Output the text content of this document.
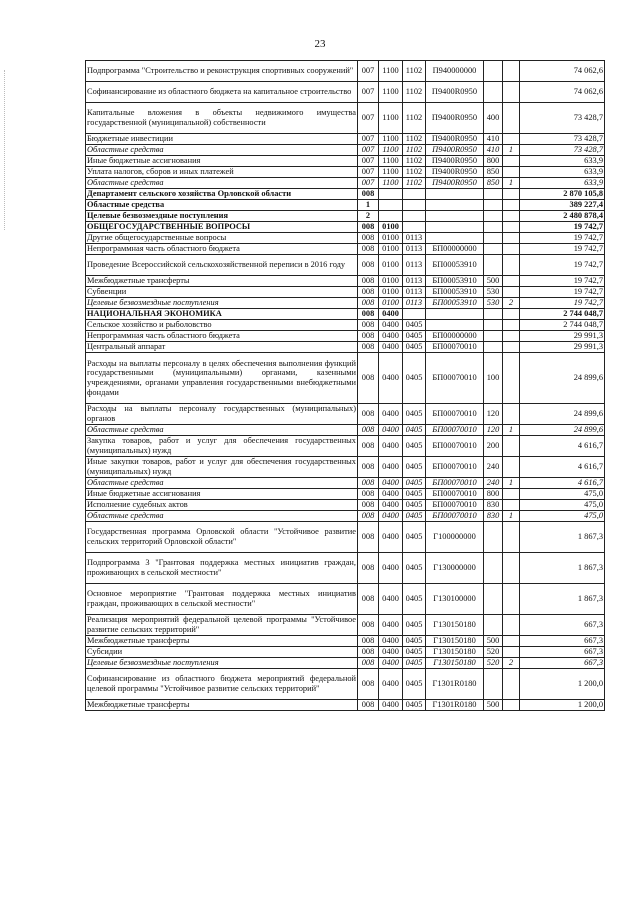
23
Подпрограмма "Строительство и реконструкция спортивных сооружений"	007	1100	1102	П940000000			74 062,6
Софинансирование из областного бюджета на капитальное строительство	007	1100	1102	П9400R0950			74 062,6
Капитальные вложения в объекты недвижимого имущества государственной (муниципальной) собственности	007	1100	1102	П9400R0950	400		73 428,7
Бюджетные инвестиции	007	1100	1102	П9400R0950	410		73 428,7
Областные средства	007	1100	1102	П9400R0950	410	1	73 428,7
Иные бюджетные ассигнования	007	1100	1102	П9400R0950	800		633,9
Уплата налогов, сборов и иных платежей	007	1100	1102	П9400R0950	850		633,9
Областные средства	007	1100	1102	П9400R0950	850	1	633,9
Департамент сельского хозяйства Орловской области	008						2 870 105,8
Областные средства	1						389 227,4
Целевые безвозмездные поступления	2						2 480 878,4
ОБЩЕГОСУДАРСТВЕННЫЕ ВОПРОСЫ	008	0100					19 742,7
Другие общегосударственные вопросы	008	0100	0113				19 742,7
Непрограммная часть областного бюджета	008	0100	0113	БП00000000			19 742,7
Проведение Всероссийской сельскохозяйственной переписи в 2016 году	008	0100	0113	БП00053910			19 742,7
Межбюджетные трансферты	008	0100	0113	БП00053910	500		19 742,7
Субвенции	008	0100	0113	БП00053910	530		19 742,7
Целевые безвозмездные поступления	008	0100	0113	БП00053910	530	2	19 742,7
НАЦИОНАЛЬНАЯ ЭКОНОМИКА	008	0400					2 744 048,7
Сельское хозяйство и рыболовство	008	0400	0405				2 744 048,7
Непрограммная часть областного бюджета	008	0400	0405	БП00000000			29 991,3
Центральный аппарат	008	0400	0405	БП00070010			29 991,3
Расходы на выплаты персоналу в целях обеспечения выполнения функций государственными (муниципальными) органами, казенными учреждениями, органами управления государственными внебюджетными фондами	008	0400	0405	БП00070010	100		24 899,6
Расходы на выплаты персоналу государственных (муниципальных) органов	008	0400	0405	БП00070010	120		24 899,6
Областные средства	008	0400	0405	БП00070010	120	1	24 899,6
Закупка товаров, работ и услуг для обеспечения государственных (муниципальных) нужд	008	0400	0405	БП00070010	200		4 616,7
Иные закупки товаров, работ и услуг для обеспечения государственных (муниципальных) нужд	008	0400	0405	БП00070010	240		4 616,7
Областные средства	008	0400	0405	БП00070010	240	1	4 616,7
Иные бюджетные ассигнования	008	0400	0405	БП00070010	800		475,0
Исполнение судебных актов	008	0400	0405	БП00070010	830		475,0
Областные средства	008	0400	0405	БП00070010	830	1	475,0
Государственная программа Орловской области "Устойчивое развитие сельских территорий Орловской области"	008	0400	0405	Г100000000			1 867,3
Подпрограмма 3 "Грантовая поддержка местных инициатив граждан, проживающих в сельской местности"	008	0400	0405	Г130000000			1 867,3
Основное мероприятие "Грантовая поддержка местных инициатив граждан, проживающих в сельской местности"	008	0400	0405	Г130100000			1 867,3
Реализация мероприятий федеральной целевой программы "Устойчивое развитие сельских территорий"	008	0400	0405	Г130150180			667,3
Межбюджетные трансферты	008	0400	0405	Г130150180	500		667,3
Субсидии	008	0400	0405	Г130150180	520		667,3
Целевые безвозмездные поступления	008	0400	0405	Г130150180	520	2	667,3
Софинансирование из областного бюджета мероприятий федеральной целевой программы "Устойчивое развитие сельских территорий"	008	0400	0405	Г1301R0180			1 200,0
Межбюджетные трансферты	008	0400	0405	Г1301R0180	500		1 200,0
